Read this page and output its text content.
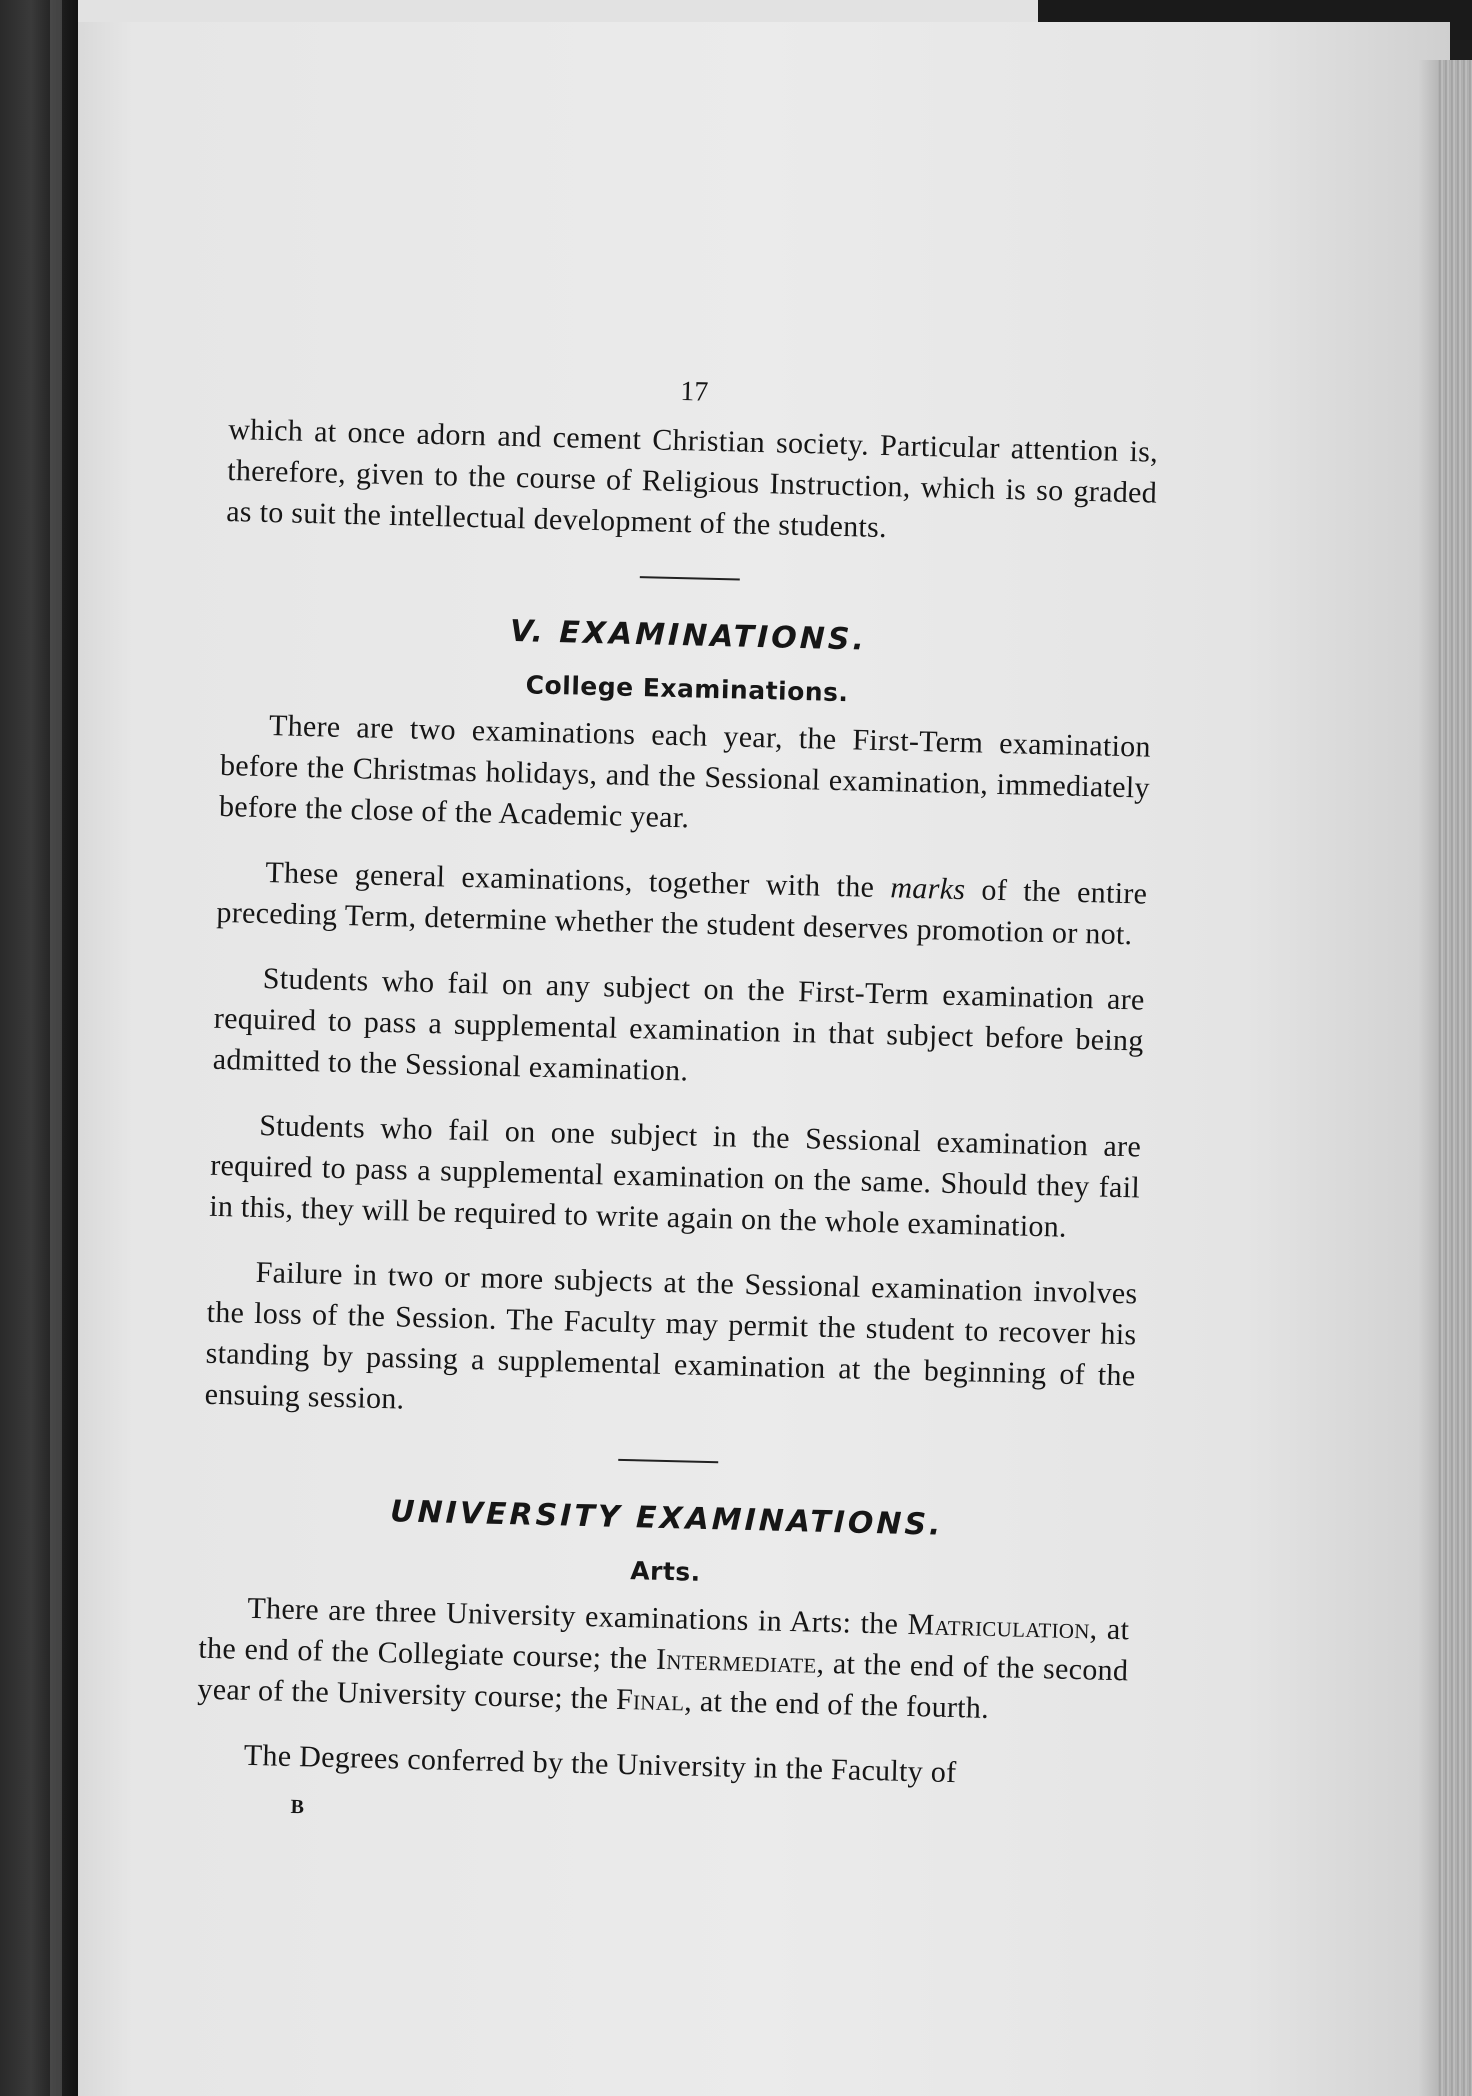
17

which at once adorn and cement Christian society. Particular attention is, therefore, given to the course of Religious Instruction, which is so graded as to suit the intellectual development of the students.

V. EXAMINATIONS.
College Examinations.

There are two examinations each year, the First-Term examination before the Christmas holidays, and the Sessional examination, immediately before the close of the Academic year.

These general examinations, together with the marks of the entire preceding Term, determine whether the student deserves promotion or not.

Students who fail on any subject on the First-Term examination are required to pass a supplemental examination in that subject before being admitted to the Sessional examination.

Students who fail on one subject in the Sessional examination are required to pass a supplemental examination on the same. Should they fail in this, they will be required to write again on the whole examination.

Failure in two or more subjects at the Sessional examination involves the loss of the Session. The Faculty may permit the student to recover his standing by passing a supplemental examination at the beginning of the ensuing session.

UNIVERSITY EXAMINATIONS.
Arts.

There are three University examinations in Arts: the Matriculation, at the end of the Collegiate course; the Intermediate, at the end of the second year of the University course; the Final, at the end of the fourth.

The Degrees conferred by the University in the Faculty of

B
